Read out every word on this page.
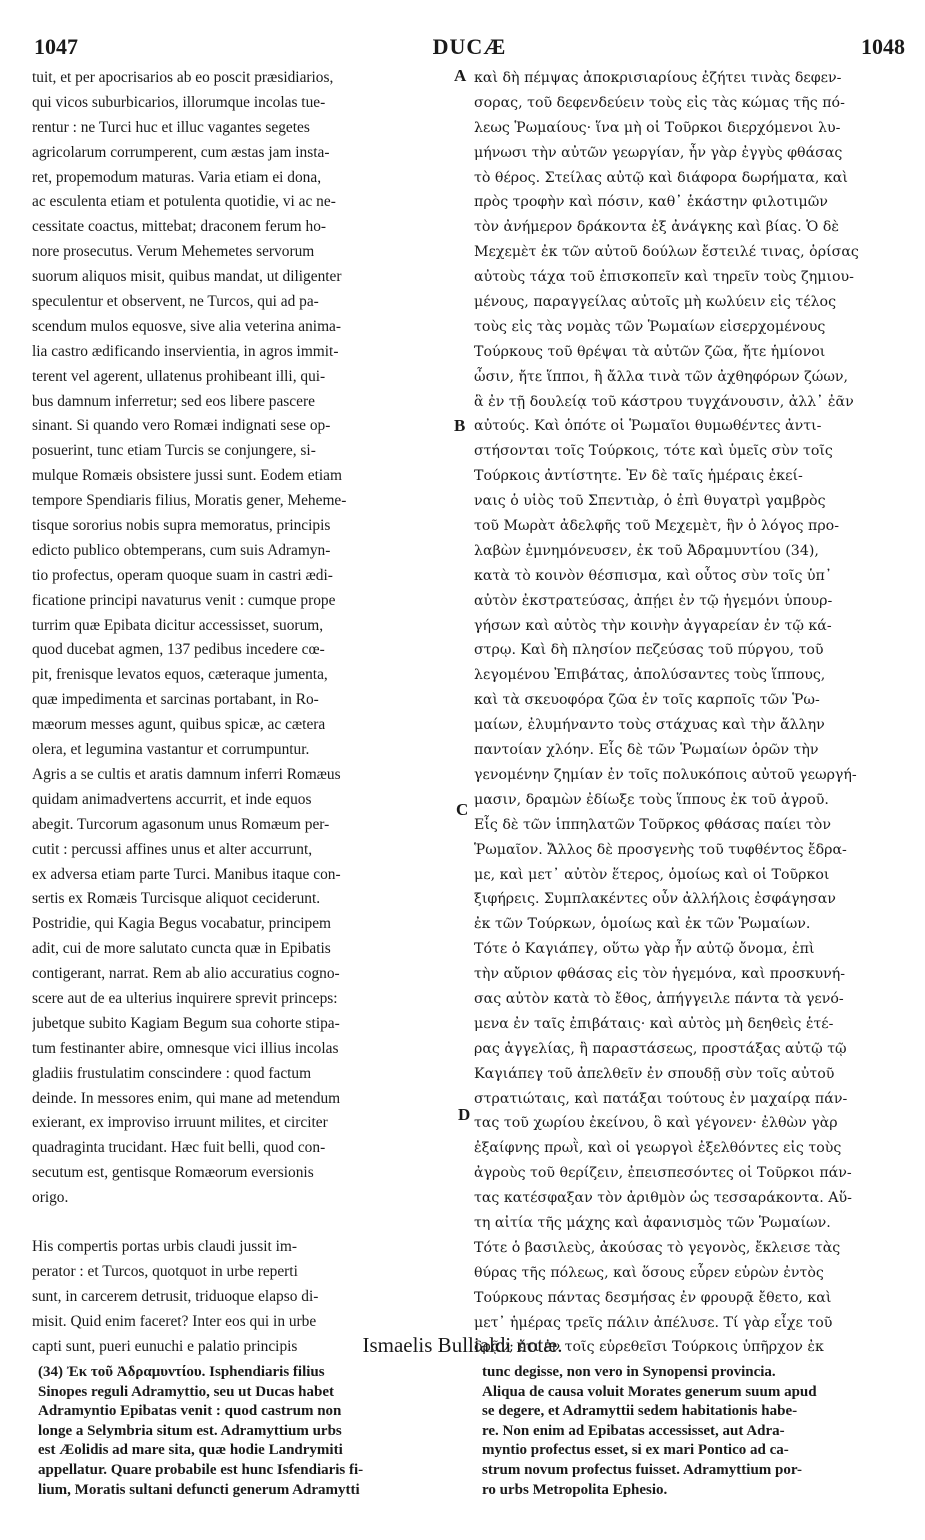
1047	DUCÆ	1048
tuit, et per apocrisarios ab eo poscit præsidiarios,
qui vicos suburbicarios, illorumque incolas tue-
rentur : ne Turci huc et illuc vagantes segetes
agricolarum corrumperent, cum æstas jam insta-
ret, propemodum maturas. Varia etiam ei dona,
ac esculenta etiam et potulenta quotidie, vi ac ne-
cessitate coactus, mittebat; draconem ferum ho-
nore prosecutus. Verum Mehemetes servorum
suorum aliquos misit, quibus mandat, ut diligenter
speculentur et observent, ne Turcos, qui ad pa-
scendum mulos equosve, sive alia veterina anima-
lia castro ædificando inservientia, in agros immit-
terent vel agerent, ullatenus prohibeant illi, qui-
bus damnum inferretur; sed eos libere pascere
sinant. Si quando vero Romæi indignati sese op-
posuerint, tunc etiam Turcis se conjungere, si-
mulque Romæis obsistere jussi sunt. Eodem etiam
tempore Spendiaris filius, Moratis gener, Meheme-
tisque sororius nobis supra memoratus, principis
edicto publico obtemperans, cum suis Adramyn-
tio profectus, operam quoque suam in castri ædi-
ficatione principi navaturus venit : cumque prope
turrim quæ Epibata dicitur accessisset, suorum,
quod ducebat agmen, 137 pedibus incedere cœ-
pit, frenisque levatos equos, cæteraque jumenta,
quæ impedimenta et sarcinas portabant, in Ro-
mæorum messes agunt, quibus spicæ, ac cætera
olera, et legumina vastantur et corrumpuntur.
Agris a se cultis et aratis damnum inferri Romæus
quidam animadvertens accurrit, et inde equos
abegit. Turcorum agasonum unus Romæum per-
cutit : percussi affines unus et alter accurrunt,
ex adversa etiam parte Turci. Manibus itaque con-
sertis ex Romæis Turcisque aliquot ceciderunt.
Postridie, qui Kagia Begus vocabatur, principem
adit, cui de more salutato cuncta quæ in Epibatis
contigerant, narrat. Rem ab alio accuratius cogno-
scere aut de ea ulterius inquirere sprevit princeps:
jubetque subito Kagiam Begum sua cohorte stipa-
tum festinanter abire, omnesque vici illius incolas
gladiis frustulatim conscindere : quod factum
deinde. In messores enim, qui mane ad metendum
exierant, ex improviso irruunt milites, et circiter
quadraginta trucidant. Hæc fuit belli, quod con-
secutum est, gentisque Romæorum eversionis
origo.
His compertis portas urbis claudi jussit im-
perator : et Turcos, quotquot in urbe reperti
sunt, in carcerem detrusit, triduoque elapso di-
misit. Quid enim faceret? Inter eos qui in urbe
capti sunt, pueri eunuchi e palatio principis
καὶ δὴ πέμψας ἀποκρισιαρίους ἐζήτει τινὰς δεφεν-
σορας, τοῦ δεφενδεύειν τοὺς εἰς τὰς κώμας τῆς πό-
λεως Ῥωμαίους· ἵνα μὴ οἱ Τοῦρκοι διερχόμενοι λυ-
μήνωσι τὴν αὐτῶν γεωργίαν, ἦν γὰρ ἐγγὺς φθάσας
τὸ θέρος. Στείλας αὐτῷ καὶ διάφορα δωρήματα, καὶ
πρὸς τροφὴν καὶ πόσιν, καθ᾽ ἑκάστην φιλοτιμῶν
τὸν ἀνήμερον δράκοντα ἐξ ἀνάγκης καὶ βίας. Ὁ δὲ
Μεχεμὲτ ἐκ τῶν αὐτοῦ δούλων ἔστειλέ τινας, ὁρίσας
αὐτοὺς τάχα τοῦ ἐπισκοπεῖν καὶ τηρεῖν τοὺς ζημιου-
μένους, παραγγείλας αὐτοῖς μὴ κωλύειν εἰς τέλος
τοὺς εἰς τὰς νομὰς τῶν Ῥωμαίων εἰσερχομένους
Τούρκους τοῦ θρέψαι τὰ αὐτῶν ζῶα, ἤτε ἡμίονοι
ὦσιν, ἤτε ἵπποι, ἢ ἄλλα τινὰ τῶν ἀχθηφόρων ζώων,
ἃ ἐν τῇ δουλείᾳ τοῦ κάστρου τυγχάνουσιν, ἀλλ᾽ ἐᾶν
αὐτούς. Καὶ ὁπότε οἱ Ῥωμαῖοι θυμωθέντες ἀντι-
στήσονται τοῖς Τούρκοις, τότε καὶ ὑμεῖς σὺν τοῖς
Τούρκοις ἀντίστητε. Ἐν δὲ ταῖς ἡμέραις ἐκεί-
ναις ὁ υἱὸς τοῦ Σπεντιὰρ, ὁ ἐπὶ θυγατρὶ γαμβρὸς
τοῦ Μωρὰτ ἀδελφῆς τοῦ Μεχεμὲτ, ἣν ὁ λόγος προ-
λαβὼν ἐμνημόνευσεν, ἐκ τοῦ Ἀδραμυντίου (34),
κατὰ τὸ κοινὸν θέσπισμα, καὶ οὗτος σὺν τοῖς ὑπ᾽
αὐτὸν ἐκστρατεύσας, ἀπῄει ἐν τῷ ἡγεμόνι ὑπουρ-
γήσων καὶ αὐτὸς τὴν κοινὴν ἀγγαρείαν ἐν τῷ κά-
στρῳ. Καὶ δὴ πλησίον πεζεύσας τοῦ πύργου, τοῦ
λεγομένου Ἐπιβάτας, ἀπολύσαντες τοὺς ἵππους,
καὶ τὰ σκευοφόρα ζῶα ἐν τοῖς καρποῖς τῶν Ῥω-
μαίων, ἐλυμήναντο τοὺς στάχυας καὶ τὴν ἄλλην
παντοίαν χλόην. Εἷς δὲ τῶν Ῥωμαίων ὁρῶν τὴν
γενομένην ζημίαν ἐν τοῖς πολυκόποις αὐτοῦ γεωργή-
μασιν, δραμὼν ἐδίωξε τοὺς ἵππους ἐκ τοῦ ἀγροῦ.
Εἷς δὲ τῶν ἱππηλατῶν Τοῦρκος φθάσας παίει τὸν
Ῥωμαῖον. Ἄλλος δὲ προσγενὴς τοῦ τυφθέντος ἔδρα-
με, καὶ μετ᾽ αὐτὸν ἕτερος, ὁμοίως καὶ οἱ Τοῦρκοι
ξιφήρεις. Συμπλακέντες οὖν ἀλλήλοις ἐσφάγησαν
ἐκ τῶν Τούρκων, ὁμοίως καὶ ἐκ τῶν Ῥωμαίων.
Τότε ὁ Καγιάπεγ, οὕτω γὰρ ἦν αὐτῷ ὄνομα, ἐπὶ
τὴν αὔριον φθάσας εἰς τὸν ἡγεμόνα, καὶ προσκυνή-
σας αὐτὸν κατὰ τὸ ἔθος, ἀπήγγειλε πάντα τὰ γενό-
μενα ἐν ταῖς ἐπιβάταις· καὶ αὐτὸς μὴ δεηθεὶς ἑτέ-
ρας ἀγγελίας, ἢ παραστάσεως, προστάξας αὐτῷ τῷ
Καγιάπεγ τοῦ ἀπελθεῖν ἐν σπουδῇ σὺν τοῖς αὐτοῦ
στρατιώταις, καὶ πατάξαι τούτους ἐν μαχαίρᾳ πάν-
τας τοῦ χωρίου ἐκείνου, ὃ καὶ γέγονεν· ἐλθὼν γὰρ
ἐξαίφνης πρωῒ, καὶ οἱ γεωργοὶ ἐξελθόντες εἰς τοὺς
ἀγροὺς τοῦ θερίζειν, ἐπεισπεσόντες οἱ Τοῦρκοι πάν-
τας κατέσφαξαν τὸν ἀριθμὸν ὡς τεσσαράκοντα. Αὕ-
τη αἰτία τῆς μάχης καὶ ἀφανισμὸς τῶν Ῥωμαίων.
Τότε ὁ βασιλεὺς, ἀκούσας τὸ γεγονὸς, ἔκλεισε τὰς
θύρας τῆς πόλεως, καὶ ὅσους εὗρεν εὑρὼν ἐντὸς
Τούρκους πάντας δεσμήσας ἐν φρουρᾷ ἔθετο, καὶ
μετ᾽ ἡμέρας τρεῖς πάλιν ἀπέλυσε. Τί γὰρ εἶχε τοῦ
δρᾷν; ἔτι ἐν τοῖς εὑρεθεῖσι Τούρκοις ὑπῆρχον ἐκ
A
B
C
D
Ismaelis Bullialdi notæ.
(34) Ἐκ τοῦ Ἀδραμυντίου. Isphendiaris filius
Sinopes reguli Adramyttio, seu ut Ducas habet
Adramyntio Epibatas venit : quod castrum non
longe a Selymbria situm est. Adramyttium urbs
est Æolidis ad mare sita, quæ hodie Landrymiti
appellatur. Quare probabile est hunc Isfendiaris fi-
lium, Moratis sultani defuncti generum Adramytti
tunc degisse, non vero in Synopensi provincia.
Aliqua de causa voluit Morates generum suum apud
se degere, et Adramyttii sedem habitationis habe-
re. Non enim ad Epibatas accessisset, aut Adra-
myntio profectus esset, si ex mari Pontico ad ca-
strum novum profectus fuisset. Adramyttium por-
ro urbs Metropolita Ephesio.
